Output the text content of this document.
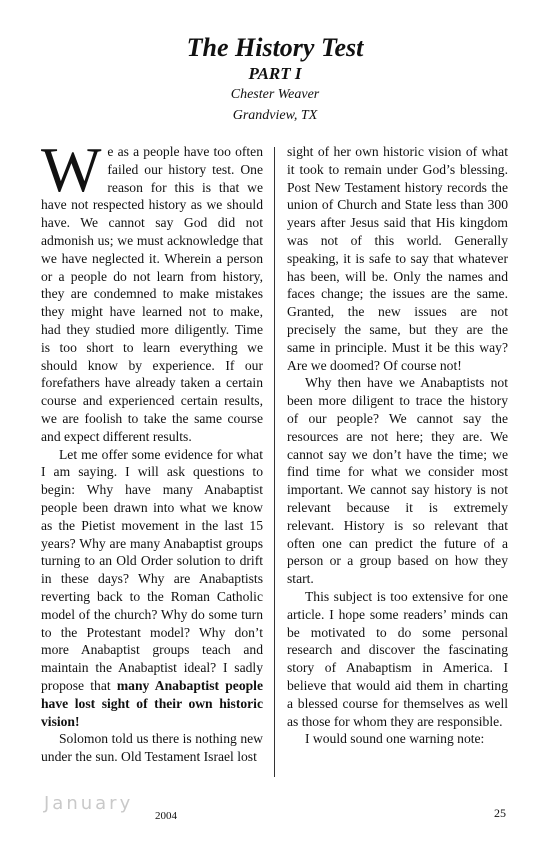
The History Test
PART I
Chester Weaver
Grandview, TX

We as a people have too often failed our history test. One reason for this is that we have not respected history as we should have. We cannot say God did not admonish us; we must acknowledge that we have neglected it. Wherein a person or a people do not learn from history, they are condemned to make mistakes they might have learned not to make, had they studied more diligently. Time is too short to learn everything we should know by experience. If our forefathers have already taken a certain course and experienced certain results, we are foolish to take the same course and expect different results.

Let me offer some evidence for what I am saying. I will ask questions to begin: Why have many Anabaptist people been drawn into what we know as the Pietist movement in the last 15 years? Why are many Anabaptist groups turning to an Old Order solution to drift in these days? Why are Anabaptists reverting back to the Roman Catholic model of the church? Why do some turn to the Protestant model? Why don’t more Anabaptist groups teach and maintain the Anabaptist ideal? I sadly propose that many Anabaptist people have lost sight of their own historic vision!

Solomon told us there is nothing new under the sun. Old Testament Israel lost

sight of her own historic vision of what it took to remain under God’s blessing. Post New Testament history records the union of Church and State less than 300 years after Jesus said that His kingdom was not of this world. Generally speaking, it is safe to say that whatever has been, will be. Only the names and faces change; the issues are the same. Granted, the new issues are not precisely the same, but they are the same in principle. Must it be this way? Are we doomed? Of course not!

Why then have we Anabaptists not been more diligent to trace the history of our people? We cannot say the resources are not here; they are. We cannot say we don’t have the time; we find time for what we consider most important. We cannot say history is not relevant because it is extremely relevant. History is so relevant that often one can predict the future of a person or a group based on how they start.

This subject is too extensive for one article. I hope some readers’ minds can be motivated to do some personal research and discover the fascinating story of Anabaptism in America. I believe that would aid them in charting a blessed course for themselves as well as those for whom they are responsible.

I would sound one warning note:

January
2004	25
